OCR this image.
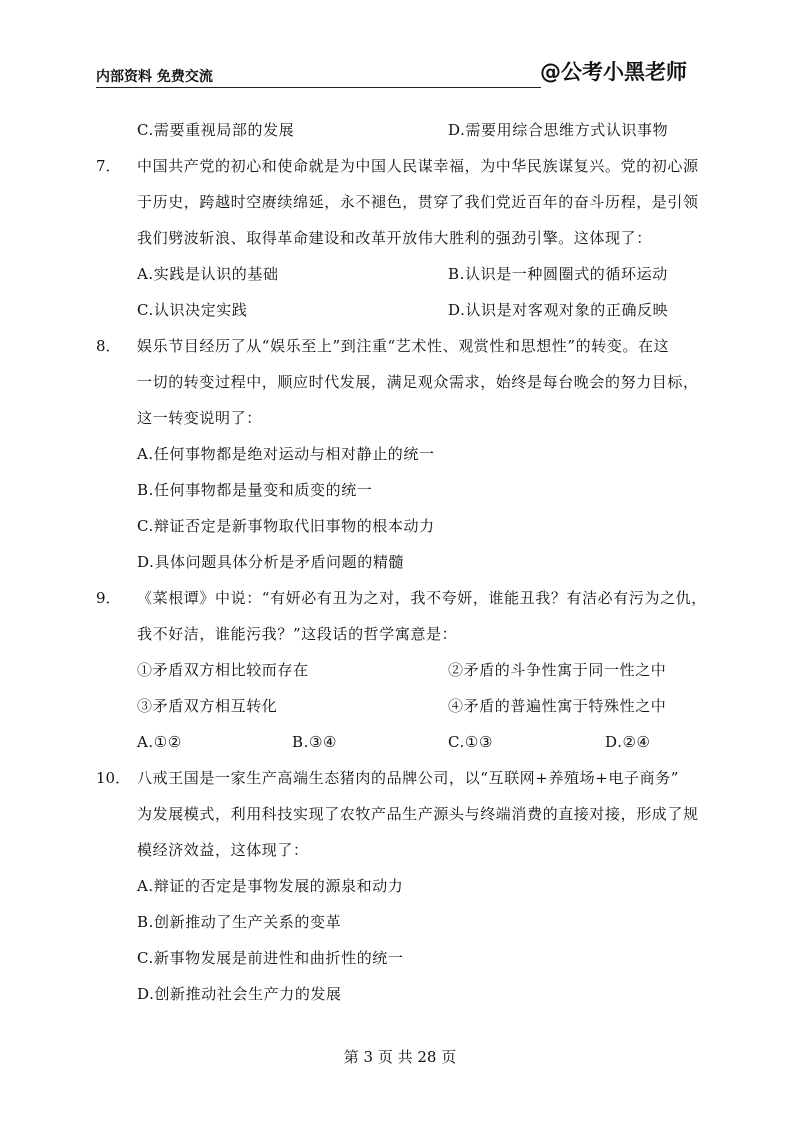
内部资料 免费交流	@公考小黑老师
C.需要重视局部的发展	D.需要用综合思维方式认识事物
7． 中国共产党的初心和使命就是为中国人民谋幸福，为中华民族谋复兴。党的初心源
于历史，跨越时空赓续绵延，永不褪色，贯穿了我们党近百年的奋斗历程，是引领
我们劈波斩浪、取得革命建设和改革开放伟大胜利的强劲引擎。这体现了：
A.实践是认识的基础	B.认识是一种圆圈式的循环运动
C.认识决定实践	D.认识是对客观对象的正确反映
8． 娱乐节目经历了从“娱乐至上”到注重“艺术性、观赏性和思想性”的转变。在这
一切的转变过程中，顺应时代发展，满足观众需求，始终是每台晚会的努力目标，
这一转变说明了：
A.任何事物都是绝对运动与相对静止的统一
B.任何事物都是量变和质变的统一
C.辩证否定是新事物取代旧事物的根本动力
D.具体问题具体分析是矛盾问题的精髓
9． 《菜根谭》中说：“有妍必有丑为之对，我不夸妍，谁能丑我？有洁必有污为之仇，
我不好洁，谁能污我？”这段话的哲学寓意是：
①矛盾双方相比较而存在	②矛盾的斗争性寓于同一性之中
③矛盾双方相互转化	④矛盾的普遍性寓于特殊性之中
A.①②	B.③④	C.①③	D.②④
10． 八戒王国是一家生产高端生态猪肉的品牌公司，以“互联网+养殖场+电子商务”
为发展模式，利用科技实现了农牧产品生产源头与终端消费的直接对接，形成了规
模经济效益，这体现了：
A.辩证的否定是事物发展的源泉和动力
B.创新推动了生产关系的变革
C.新事物发展是前进性和曲折性的统一
D.创新推动社会生产力的发展
第 3 页 共 28 页
